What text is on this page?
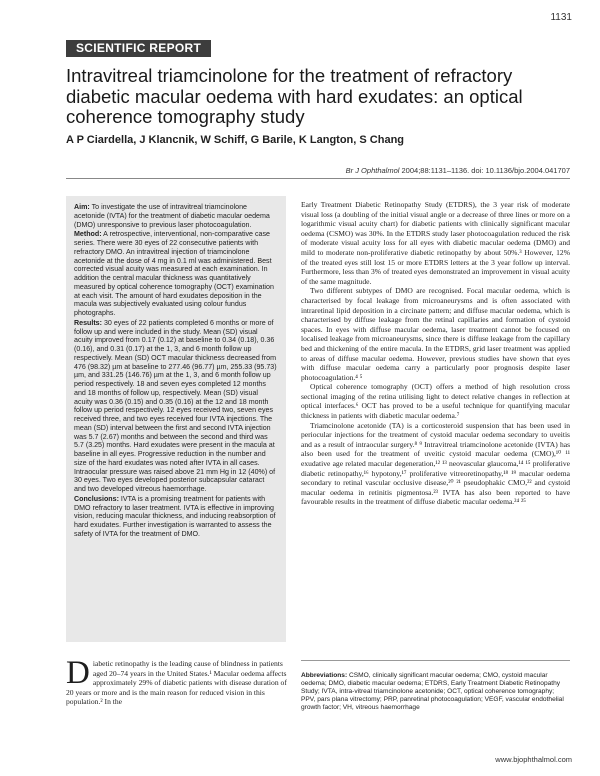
1131
SCIENTIFIC REPORT
Intravitreal triamcinolone for the treatment of refractory diabetic macular oedema with hard exudates: an optical coherence tomography study
A P Ciardella, J Klancnik, W Schiff, G Barile, K Langton, S Chang
Br J Ophthalmol 2004;88:1131–1136. doi: 10.1136/bjo.2004.041707

Aim: To investigate the use of intravitreal triamcinolone acetonide (IVTA) for the treatment of diabetic macular oedema (DMO) unresponsive to previous laser photocoagulation.

Method: A retrospective, interventional, non-comparative case series. There were 30 eyes of 22 consecutive patients with refractory DMO. An intravitreal injection of triamcinolone acetonide at the dose of 4 mg in 0.1 ml was administered. Best corrected visual acuity was measured at each examination. In addition the central macular thickness was quantitatively measured by optical coherence tomography (OCT) examination at each visit. The amount of hard exudates deposition in the macula was subjectively evaluated using colour fundus photographs.

Results: 30 eyes of 22 patients completed 6 months or more of follow up and were included in the study. Mean (SD) visual acuity improved from 0.17 (0.12) at baseline to 0.34 (0.18), 0.36 (0.16), and 0.31 (0.17) at the 1, 3, and 6 month follow up respectively. Mean (SD) OCT macular thickness decreased from 476 (98.32) µm at baseline to 277.46 (96.77) µm, 255.33 (95.73) µm, and 331.25 (146.76) µm at the 1, 3, and 6 month follow up period respectively. 18 and seven eyes completed 12 months and 18 months of follow up, respectively. Mean (SD) visual acuity was 0.36 (0.15) and 0.35 (0.16) at the 12 and 18 month follow up period respectively. 12 eyes received two, seven eyes received three, and two eyes received four IVTA injections. The mean (SD) interval between the first and second IVTA injection was 5.7 (2.67) months and between the second and third was 5.7 (3.25) months. Hard exudates were present in the macula at baseline in all eyes. Progressive reduction in the number and size of the hard exudates was noted after IVTA in all cases. Intraocular pressure was raised above 21 mm Hg in 12 (40%) of 30 eyes. Two eyes developed posterior subcapsular cataract and two developed vitreous haemorrhage.

Conclusions: IVTA is a promising treatment for patients with DMO refractory to laser treatment. IVTA is effective in improving vision, reducing macular thickness, and inducing reabsorption of hard exudates. Further investigation is warranted to assess the safety of IVTA for the treatment of DMO.

Diabetic retinopathy is the leading cause of blindness in patients aged 20–74 years in the United States.¹ Macular oedema affects approximately 29% of diabetic patients with disease duration of 20 years or more and is the main reason for reduced vision in this population.² In the

Early Treatment Diabetic Retinopathy Study (ETDRS), the 3 year risk of moderate visual loss (a doubling of the initial visual angle or a decrease of three lines or more on a logarithmic visual acuity chart) for diabetic patients with clinically significant macular oedema (CSMO) was 30%. In the ETDRS study laser photocoagulation reduced the risk of moderate visual acuity loss for all eyes with diabetic macular oedema (DMO) and mild to moderate non-proliferative diabetic retinopathy by about 50%.³ However, 12% of the treated eyes still lost 15 or more ETDRS letters at the 3 year follow up interval. Furthermore, less than 3% of treated eyes demonstrated an improvement in visual acuity of the same magnitude.

Two different subtypes of DMO are recognised. Focal macular oedema, which is characterised by focal leakage from microaneurysms and is often associated with intraretinal lipid deposition in a circinate pattern; and diffuse macular oedema, which is characterised by diffuse leakage from the retinal capillaries and formation of cystoid spaces. In eyes with diffuse macular oedema, laser treatment cannot be focused on localised leakage from microaneurysms, since there is diffuse leakage from the capillary bed and thickening of the entire macula. In the ETDRS, grid laser treatment was applied to areas of diffuse macular oedema. However, previous studies have shown that eyes with diffuse macular oedema carry a particularly poor prognosis despite laser photocoagulation.⁴ ⁵

Optical coherence tomography (OCT) offers a method of high resolution cross sectional imaging of the retina utilising light to detect relative changes in reflection at optical interfaces.⁶ OCT has proved to be a useful technique for quantifying macular thickness in patients with diabetic macular oedema.⁷

Triamcinolone acetonide (TA) is a corticosteroid suspension that has been used in periocular injections for the treatment of cystoid macular oedema secondary to uveitis and as a result of intraocular surgery.⁸ ⁹ Intravitreal triamcinolone acetonide (IVTA) has also been used for the treatment of uveitic cystoid macular oedema (CMO),¹⁰ ¹¹ exudative age related macular degeneration,¹² ¹³ neovascular glaucoma,¹⁴ ¹⁵ proliferative diabetic retinopathy,¹⁶ hypotony,¹⁷ proliferative vitreoretinopathy,¹⁸ ¹⁹ macular oedema secondary to retinal vascular occlusive disease,²⁰ ²¹ pseudophakic CMO,²² and cystoid macular oedema in retinitis pigmentosa.²³ IVTA has also been reported to have favourable results in the treatment of diffuse diabetic macular oedema.²⁴ ²⁵

Abbreviations: CSMO, clinically significant macular oedema; CMO, cystoid macular oedema; DMO, diabetic macular oedema; ETDRS, Early Treatment Diabetic Retinopathy Study; IVTA, intra-vitreal triamcinolone acetonide; OCT, optical coherence tomography; PPV, pars plana vitrectomy; PRP, panretinal photocoagulation; VEGF, vascular endothelial growth factor; VH, vitreous haemorrhage

www.bjophthalmol.com
